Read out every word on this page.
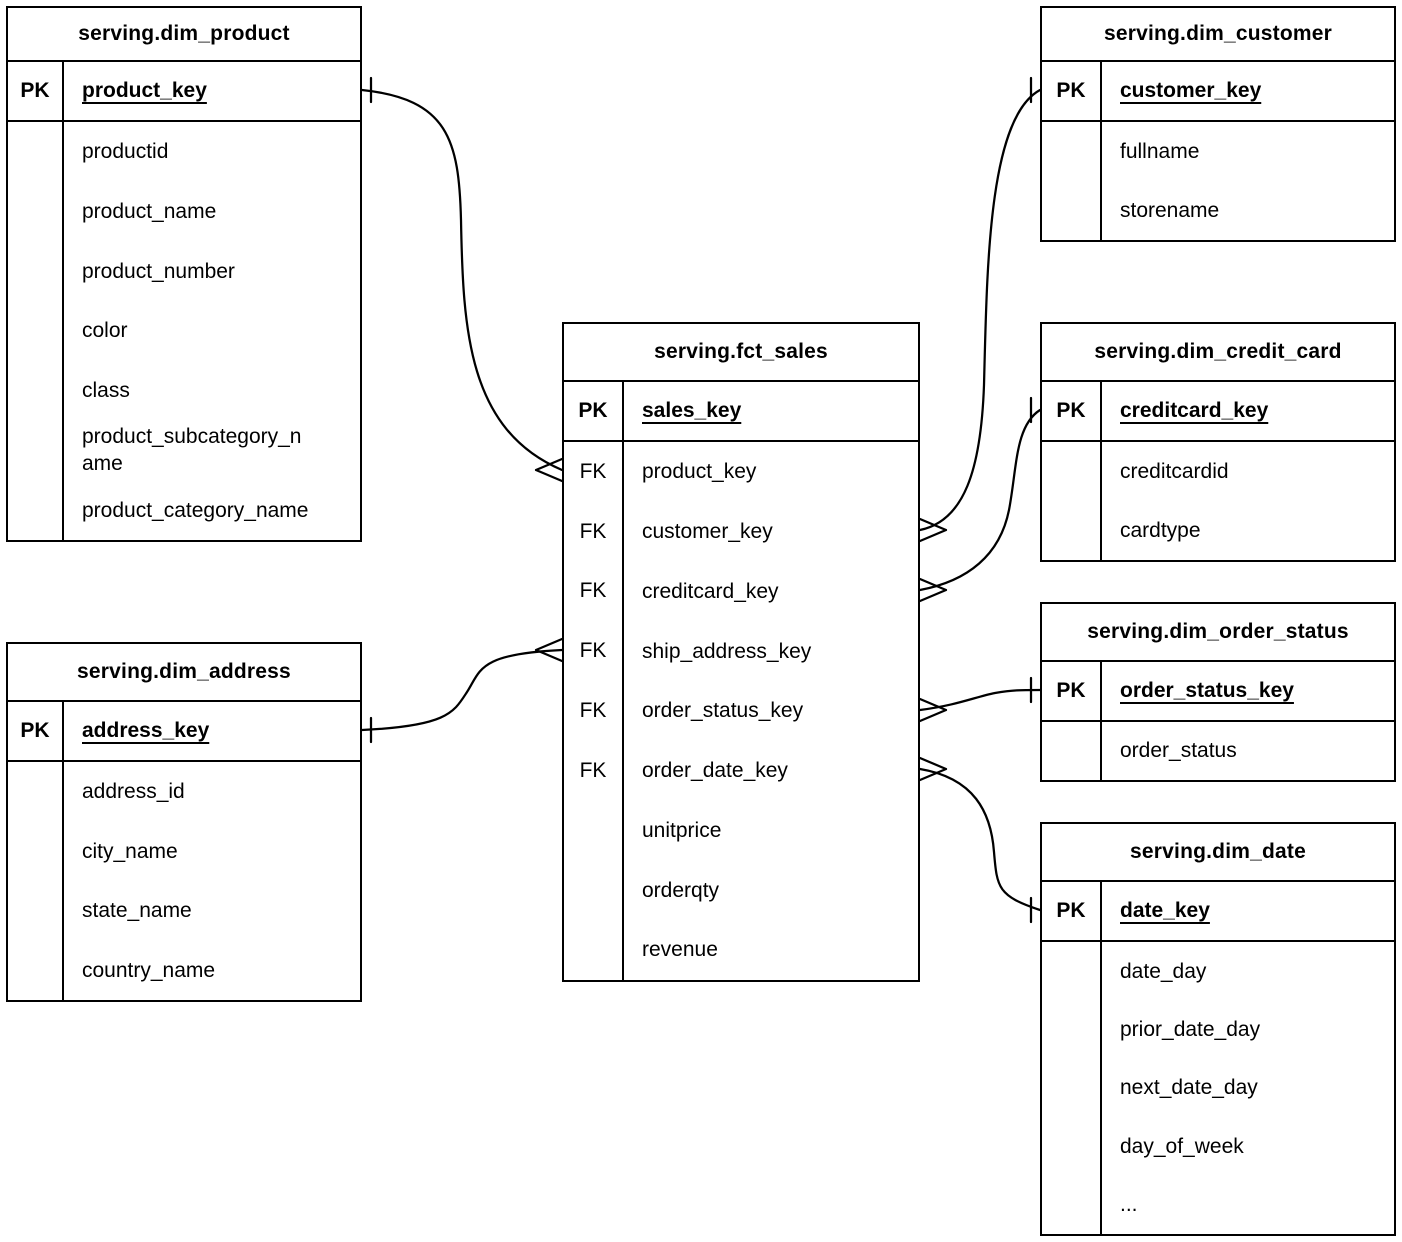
serving.dim_product
PK	product_key
productid
product_name
product_number
color
class
product_subcategory_name
product_category_name
serving.dim_address
PK	address_key
address_id
city_name
state_name
country_name
serving.fct_sales
PK	sales_key
FK	product_key
FK	customer_key
FK	creditcard_key
FK	ship_address_key
FK	order_status_key
FK	order_date_key
unitprice
orderqty
revenue
serving.dim_customer
PK	customer_key
fullname
storename
serving.dim_credit_card
PK	creditcard_key
creditcardid
cardtype
serving.dim_order_status
PK	order_status_key
order_status
serving.dim_date
PK	date_key
date_day
prior_date_day
next_date_day
day_of_week
...
